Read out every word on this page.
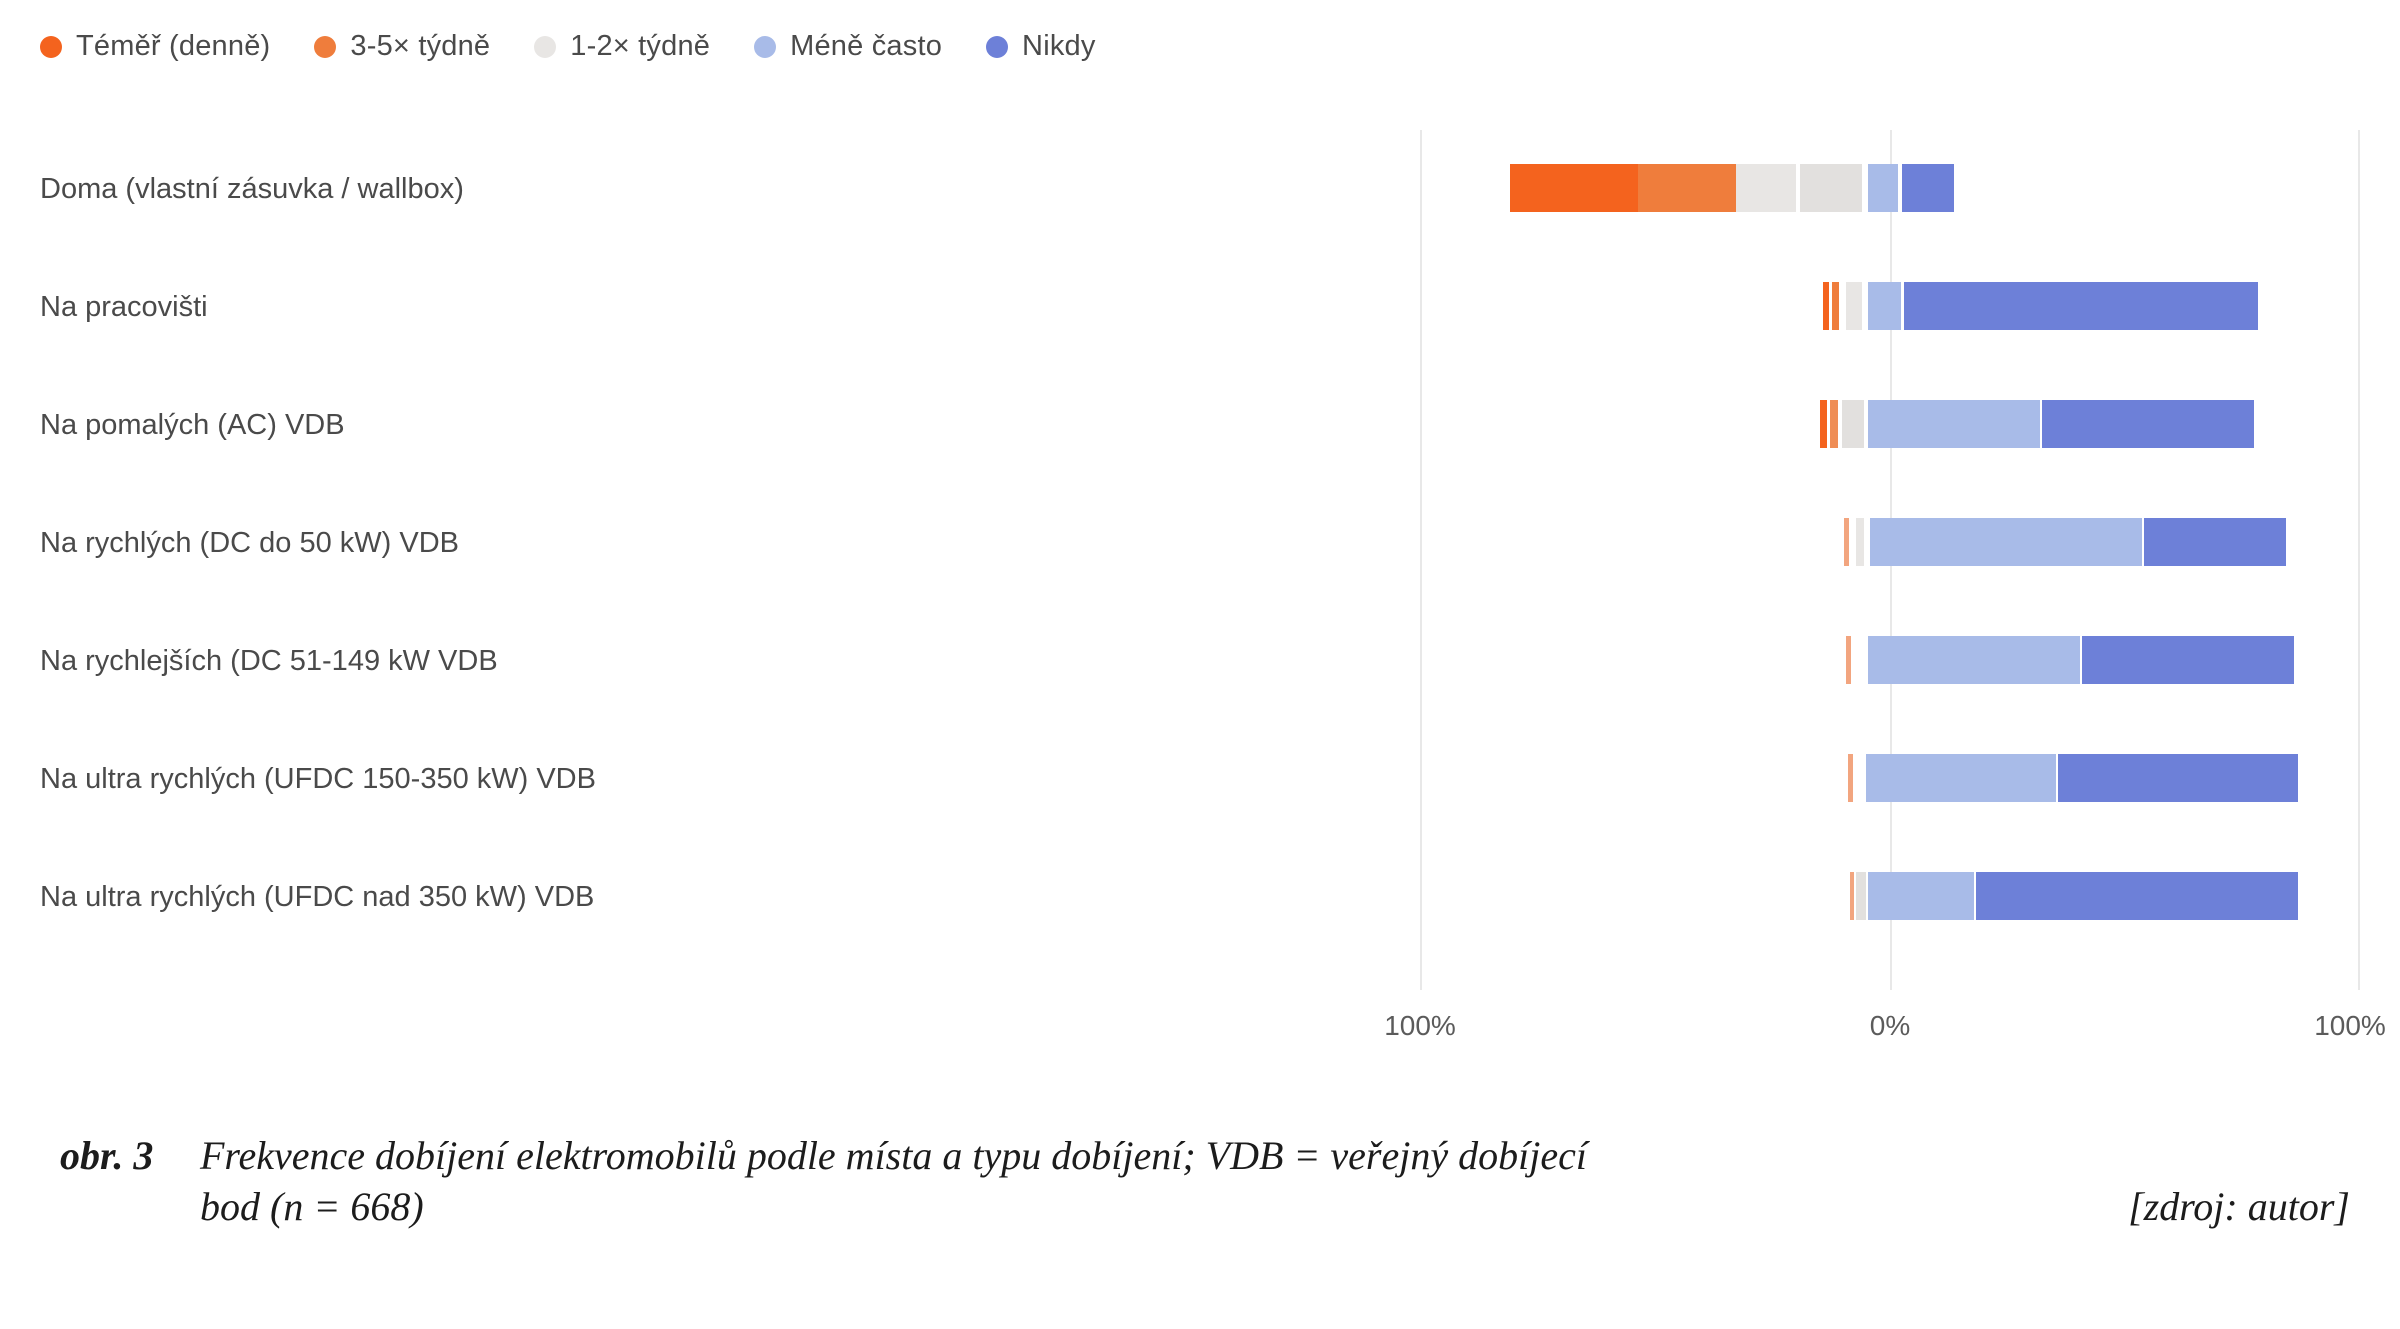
Téměř (denně)	3-5× týdně	1-2× týdně	Méně často	Nikdy
Doma (vlastní zásuvka / wallbox)
Na pracovišti
Na pomalých (AC) VDB
Na rychlých (DC do 50 kW) VDB
Na rychlejších (DC 51-149 kW VDB
Na ultra rychlých (UFDC 150-350 kW) VDB
Na ultra rychlých (UFDC nad 350 kW) VDB
100%	0%	100%
obr. 3	Frekvence dobíjení elektromobilů podle místa a typu dobíjení; VDB = veřejný dobíjecí
bod (n = 668)	[zdroj: autor]
